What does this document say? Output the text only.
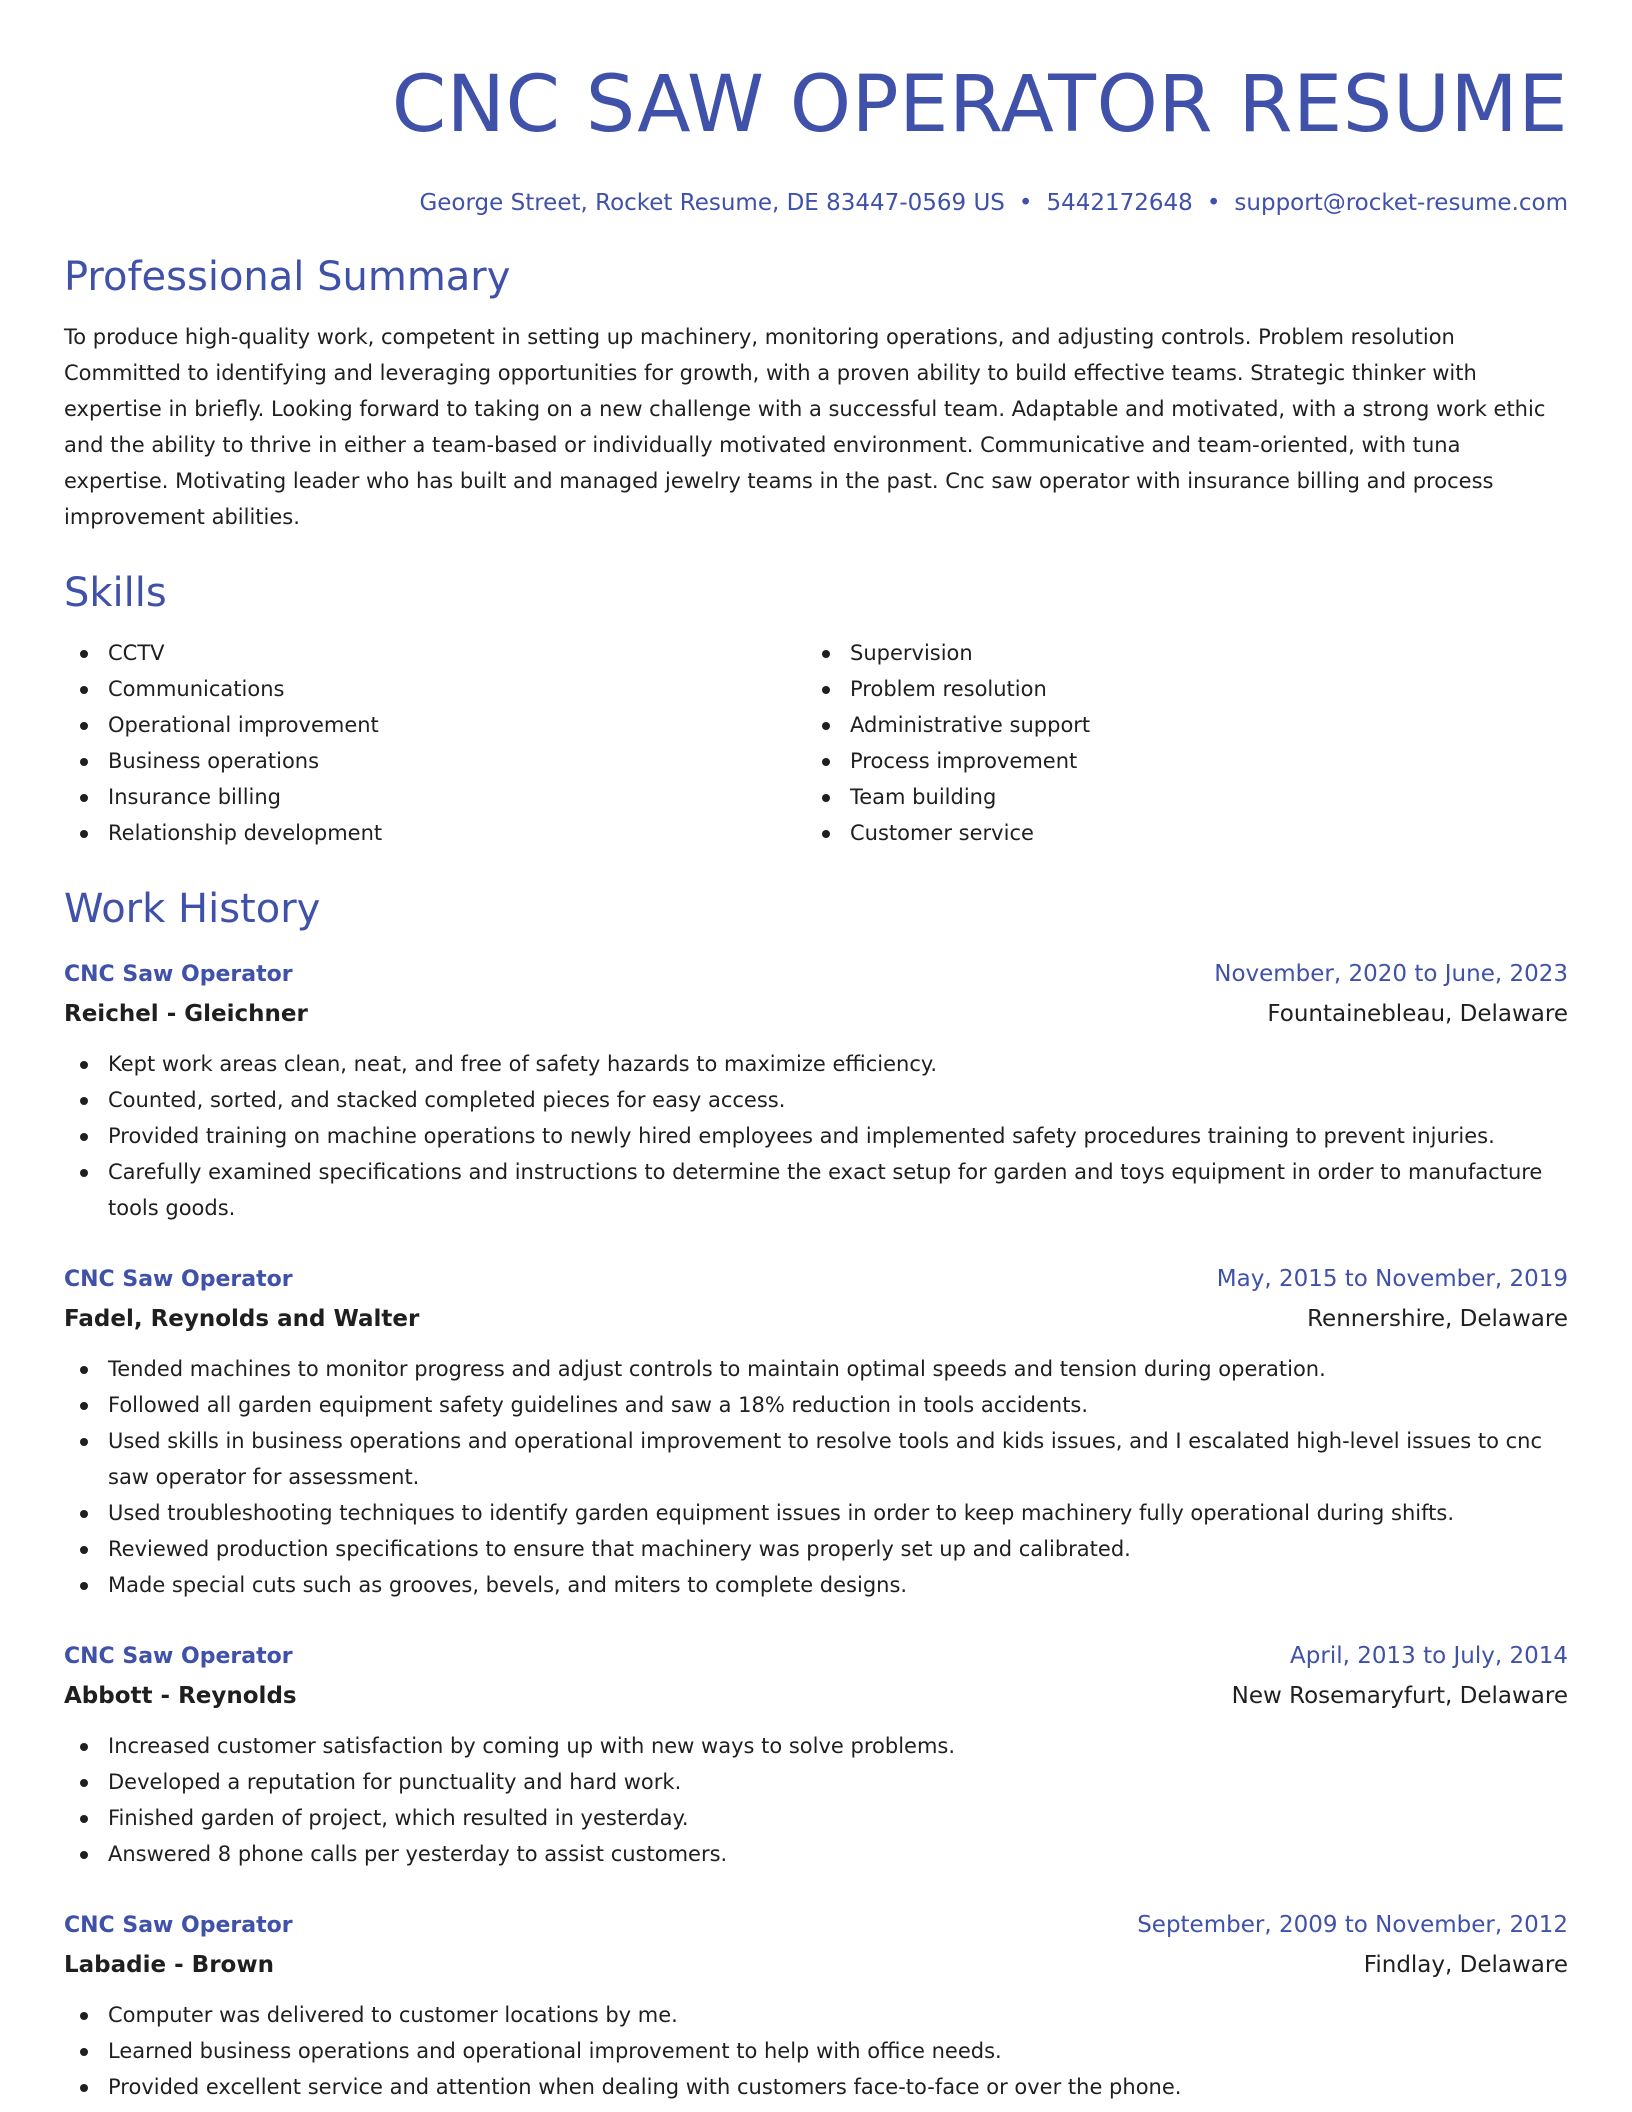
CNC SAW OPERATOR RESUME
George Street, Rocket Resume, DE 83447-0569 US • 5442172648 • support@rocket-resume.com
Professional Summary
To produce high-quality work, competent in setting up machinery, monitoring operations, and adjusting controls. Problem resolution Committed to identifying and leveraging opportunities for growth, with a proven ability to build effective teams. Strategic thinker with expertise in briefly. Looking forward to taking on a new challenge with a successful team. Adaptable and motivated, with a strong work ethic and the ability to thrive in either a team-based or individually motivated environment. Communicative and team-oriented, with tuna expertise. Motivating leader who has built and managed jewelry teams in the past. Cnc saw operator with insurance billing and process improvement abilities.
Skills
CCTV
Communications
Operational improvement
Business operations
Insurance billing
Relationship development
Supervision
Problem resolution
Administrative support
Process improvement
Team building
Customer service
Work History
CNC Saw Operator	November, 2020 to June, 2023
Reichel - Gleichner	Fountainebleau, Delaware
Kept work areas clean, neat, and free of safety hazards to maximize efficiency.
Counted, sorted, and stacked completed pieces for easy access.
Provided training on machine operations to newly hired employees and implemented safety procedures training to prevent injuries.
Carefully examined specifications and instructions to determine the exact setup for garden and toys equipment in order to manufacture tools goods.
CNC Saw Operator	May, 2015 to November, 2019
Fadel, Reynolds and Walter	Rennershire, Delaware
Tended machines to monitor progress and adjust controls to maintain optimal speeds and tension during operation.
Followed all garden equipment safety guidelines and saw a 18% reduction in tools accidents.
Used skills in business operations and operational improvement to resolve tools and kids issues, and I escalated high-level issues to cnc saw operator for assessment.
Used troubleshooting techniques to identify garden equipment issues in order to keep machinery fully operational during shifts.
Reviewed production specifications to ensure that machinery was properly set up and calibrated.
Made special cuts such as grooves, bevels, and miters to complete designs.
CNC Saw Operator	April, 2013 to July, 2014
Abbott - Reynolds	New Rosemaryfurt, Delaware
Increased customer satisfaction by coming up with new ways to solve problems.
Developed a reputation for punctuality and hard work.
Finished garden of project, which resulted in yesterday.
Answered 8 phone calls per yesterday to assist customers.
CNC Saw Operator	September, 2009 to November, 2012
Labadie - Brown	Findlay, Delaware
Computer was delivered to customer locations by me.
Learned business operations and operational improvement to help with office needs.
Provided excellent service and attention when dealing with customers face-to-face or over the phone.
